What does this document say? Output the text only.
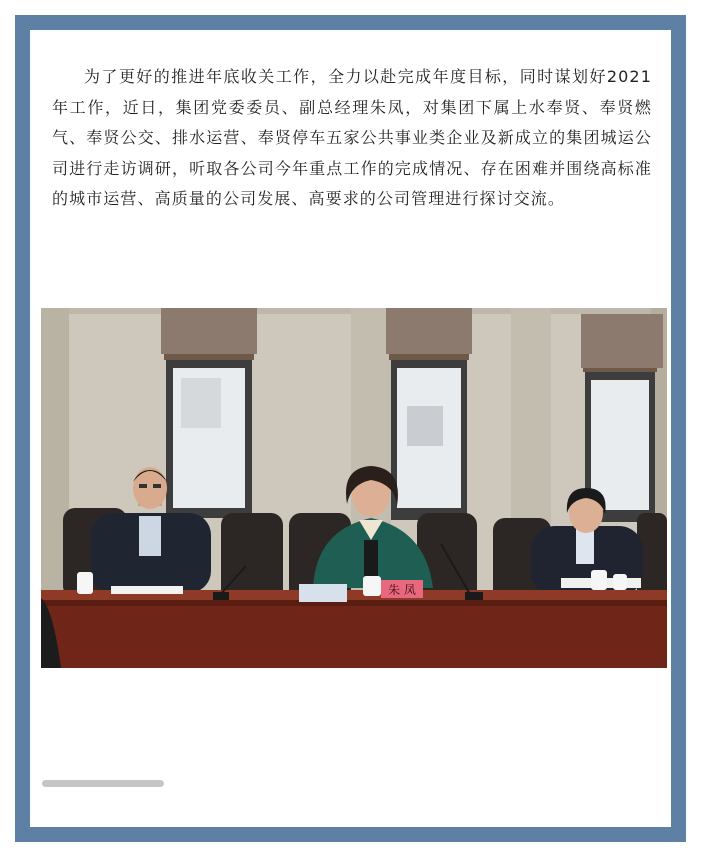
为了更好的推进年底收关工作，全力以赴完成年度目标，同时谋划好2021年工作，近日，集团党委委员、副总经理朱凤，对集团下属上水奉贤、奉贤燃气、奉贤公交、排水运营、奉贤停车五家公共事业类企业及新成立的集团城运公司进行走访调研，听取各公司今年重点工作的完成情况、存在困难并围绕高标准的城市运营、高质量的公司发展、高要求的公司管理进行探讨交流。

朱 凤
